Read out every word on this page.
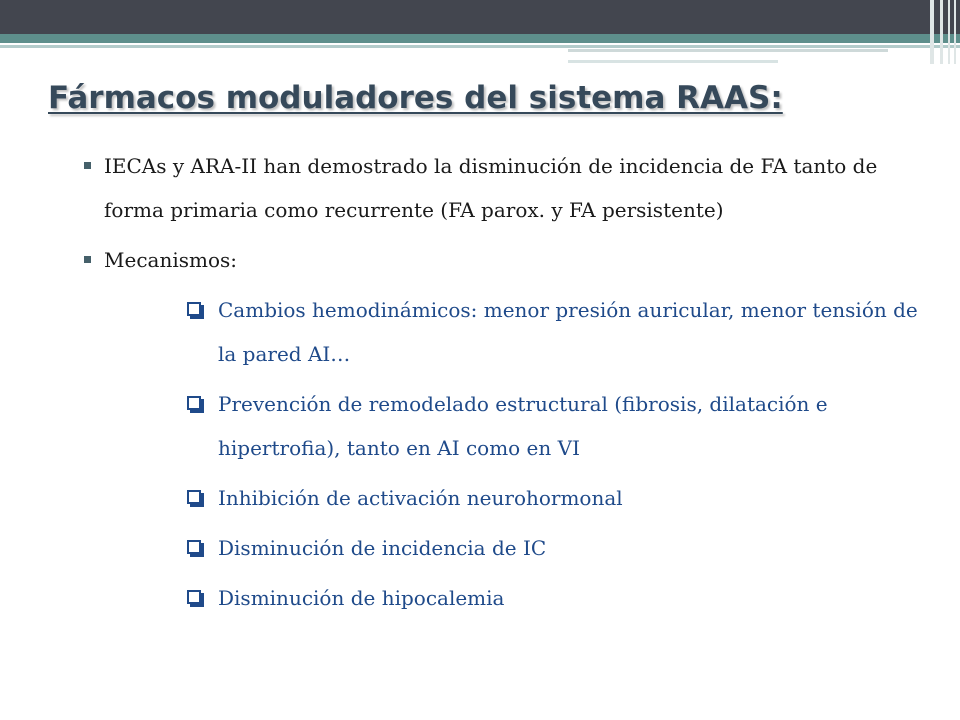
Fármacos moduladores del sistema RAAS:
IECAs y ARA-II han demostrado la disminución de incidencia de FA tanto de forma primaria como recurrente (FA parox. y FA persistente)
Mecanismos:
Cambios hemodinámicos: menor presión auricular, menor tensión de la pared AI…
Prevención de remodelado estructural (fibrosis, dilatación e hipertrofia), tanto en AI como en VI
Inhibición de activación neurohormonal
Disminución de incidencia de IC
Disminución de hipocalemia
